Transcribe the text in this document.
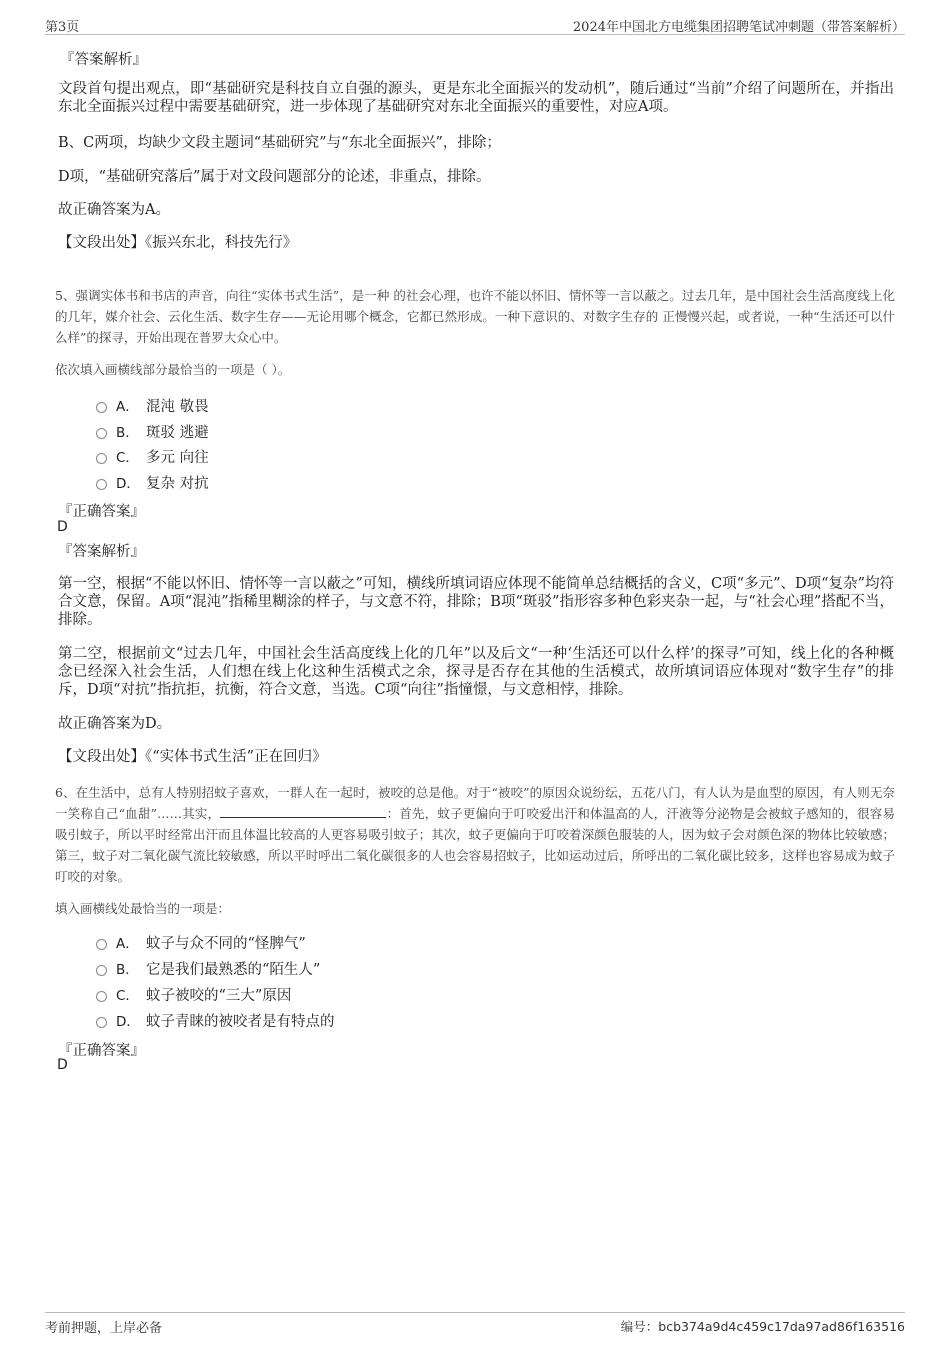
第3页	2024年中国北方电缆集团招聘笔试冲刺题（带答案解析）
『答案解析』
文段首句提出观点，即“基础研究是科技自立自强的源头，更是东北全面振兴的发动机”，随后通过“当前”介绍了问题所在，并指出东北全面振兴过程中需要基础研究，进一步体现了基础研究对东北全面振兴的重要性，对应A项。
B、C两项，均缺少文段主题词“基础研究”与“东北全面振兴”，排除；
D项，“基础研究落后”属于对文段问题部分的论述，非重点，排除。
故正确答案为A。
【文段出处】《振兴东北，科技先行》
5、强调实体书和书店的声音，向往“实体书式生活”，是一种 的社会心理，也许不能以怀旧、情怀等一言以蔽之。过去几年，是中国社会生活高度线上化的几年，媒介社会、云化生活、数字生存——无论用哪个概念，它都已然形成。一种下意识的、对数字生存的 正慢慢兴起，或者说，一种“生活还可以什么样”的探寻，开始出现在普罗大众心中。
依次填入画横线部分最恰当的一项是（ ）。
A． 混沌 敬畏
B． 斑驳 逃避
C． 多元 向往
D． 复杂 对抗
『正确答案』
D
『答案解析』
第一空，根据“不能以怀旧、情怀等一言以蔽之”可知，横线所填词语应体现不能简单总结概括的含义，C项“多元”、D项“复杂”均符合文意，保留。A项“混沌”指稀里糊涂的样子，与文意不符，排除；B项“斑驳”指形容多种色彩夹杂一起，与“社会心理”搭配不当，排除。
第二空，根据前文“过去几年，中国社会生活高度线上化的几年”以及后文“一种‘生活还可以什么样’的探寻”可知，线上化的各种概念已经深入社会生活，人们想在线上化这种生活模式之余，探寻是否存在其他的生活模式，故所填词语应体现对“数字生存”的排斥，D项“对抗”指抗拒，抗衡，符合文意，当选。C项“向往”指憧憬，与文意相悖，排除。
故正确答案为D。
【文段出处】《“实体书式生活”正在回归》
6、在生活中，总有人特别招蚊子喜欢，一群人在一起时，被咬的总是他。对于“被咬”的原因众说纷纭，五花八门，有人认为是血型的原因，有人则无奈一笑称自己“血甜”……其实，	：首先，蚊子更偏向于叮咬爱出汗和体温高的人，汗液等分泌物是会被蚊子感知的，很容易吸引蚊子，所以平时经常出汗而且体温比较高的人更容易吸引蚊子；其次，蚊子更偏向于叮咬着深颜色服装的人，因为蚊子会对颜色深的物体比较敏感；第三，蚊子对二氧化碳气流比较敏感，所以平时呼出二氧化碳很多的人也会容易招蚊子，比如运动过后，所呼出的二氧化碳比较多，这样也容易成为蚊子叮咬的对象。
填入画横线处最恰当的一项是：
A． 蚊子与众不同的“怪脾气”
B． 它是我们最熟悉的“陌生人”
C． 蚊子被咬的“三大”原因
D． 蚊子青睐的被咬者是有特点的
『正确答案』
D
考前押题，上岸必备	编号：bcb374a9d4c459c17da97ad86f163516
